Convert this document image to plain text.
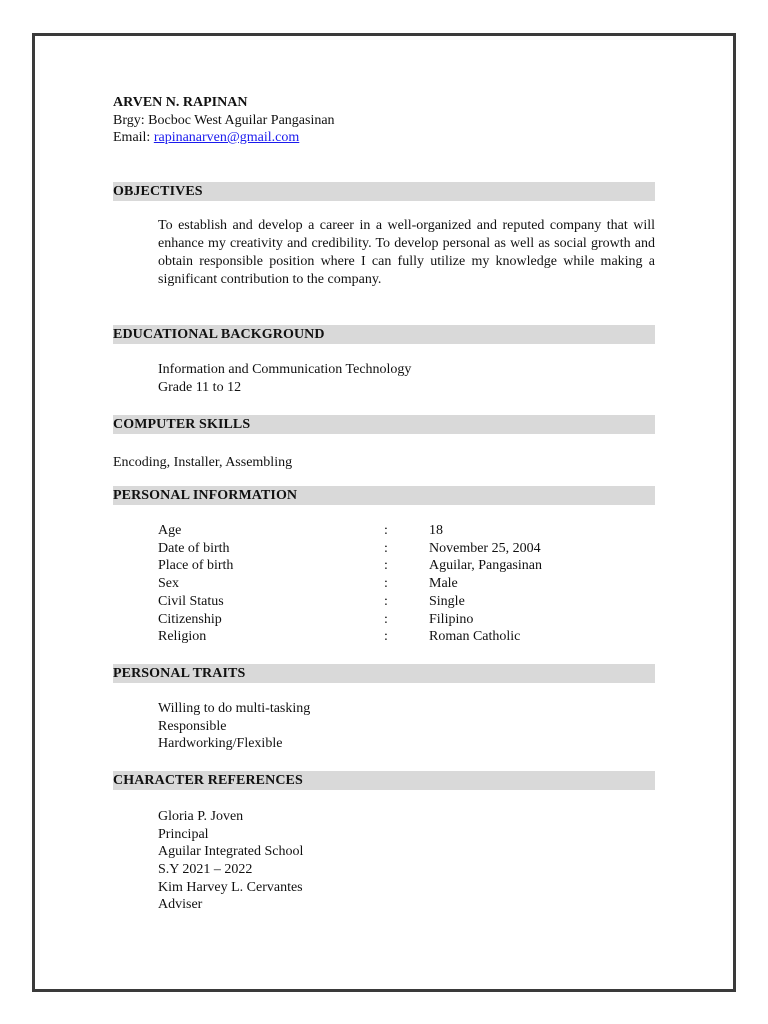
ARVEN N. RAPINAN
Brgy: Bocboc West Aguilar Pangasinan
Email: rapinanarven@gmail.com
OBJECTIVES
To establish and develop a career in a well-organized and reputed company that will enhance my creativity and credibility. To develop personal as well as social growth and obtain responsible position where I can fully utilize my knowledge while making a significant contribution to the company.
EDUCATIONAL BACKGROUND
Information and Communication Technology
Grade 11 to 12
COMPUTER SKILLS
Encoding, Installer, Assembling
PERSONAL INFORMATION
Age	:	18
Date of birth	:	November 25, 2004
Place of birth	:	Aguilar, Pangasinan
Sex	:	Male
Civil Status	:	Single
Citizenship	:	Filipino
Religion	:	Roman Catholic
PERSONAL TRAITS
Willing to do multi-tasking
Responsible
Hardworking/Flexible
CHARACTER REFERENCES
Gloria P. Joven
Principal
Aguilar Integrated School
S.Y 2021 – 2022
Kim Harvey L. Cervantes
Adviser
